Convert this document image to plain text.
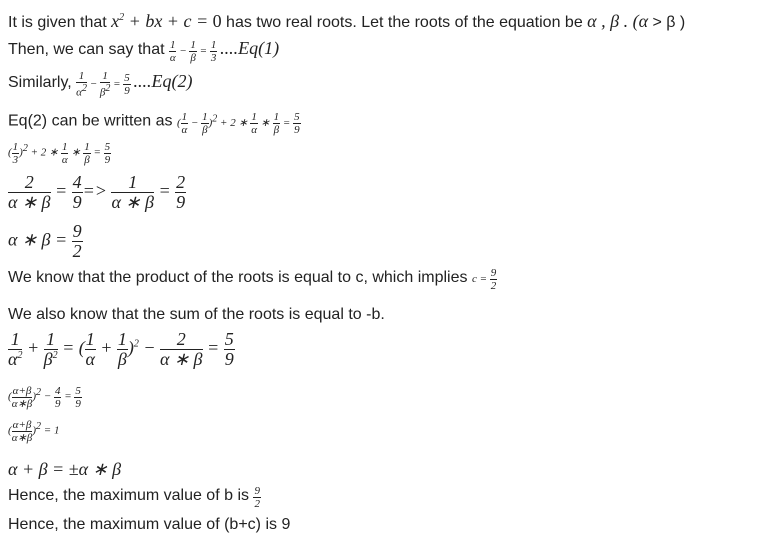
It is given that $x^2$ + bx + c = 0 has two real roots. Let the roots of the equation be α , β . (α > β )
Then, we can say that $\frac{1}{\alpha} - \frac{1}{\beta} = \frac{1}{3} ....Eq(1)$
Similarly, $\frac{1}{\alpha^2} - \frac{1}{\beta^2} = \frac{5}{9} ....Eq(2)$
Eq(2) can be written as ( $\frac{1}{\alpha} - \frac{1}{\beta} )^2 + 2$ ∗ $\frac{1}{\alpha}$ ∗ $\frac{1}{\beta} = \frac{5}{9}$
( $\frac{1}{3} )^2 + 2$ ∗ $\frac{1}{\alpha}$ ∗ $\frac{1}{\beta} = \frac{5}{9}$
$\frac{2}{\alpha ∗ \beta} = \frac{4}{9} => \frac{1}{\alpha ∗ \beta} = \frac{2}{9}$
α ∗ $\beta = \frac{9}{2}$
We know that the product of the roots is equal to c, which implies $c = \frac{9}{2}$
We also know that the sum of the roots is equal to -b.
$\frac{1}{\alpha^2} + \frac{1}{\beta^2}$ = ( $\frac{1}{\alpha} + \frac{1}{\beta} )^2 - \frac{2}{\alpha ∗ \beta} = \frac{5}{9}$
( $\frac{\alpha+\beta}{\alpha∗\beta} )^2 - \frac{4}{9} = \frac{5}{9}$
( $\frac{\alpha+\beta}{\alpha∗\beta} )^2 = 1$
α + β = ±α ∗ β
Hence, the maximum value of b is $\frac{9}{2}$
Hence, the maximum value of (b+c) is 9
